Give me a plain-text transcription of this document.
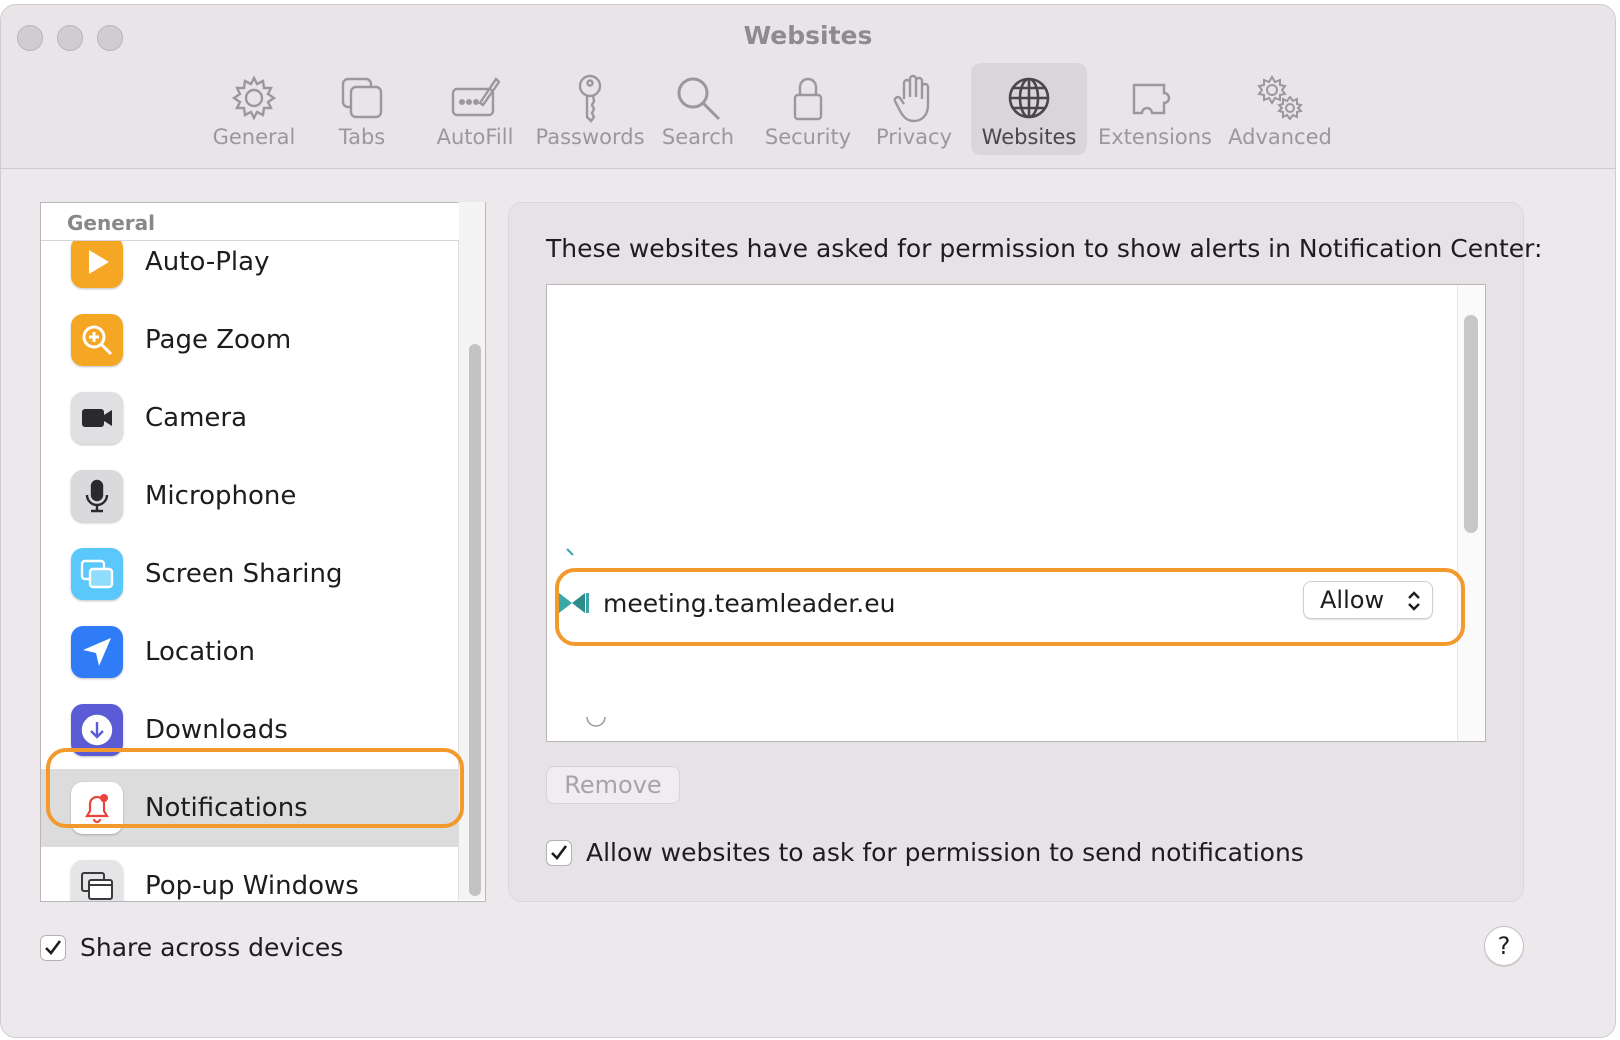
Websites
General Tabs AutoFill Passwords Search Security Privacy Websites Extensions Advanced
General
Auto-Play
Page Zoom
Camera
Microphone
Screen Sharing
Location
Downloads
Notifications
Pop-up Windows
These websites have asked for permission to show alerts in Notification Center:
meeting.teamleader.eu	Allow
Remove
Allow websites to ask for permission to send notifications
Share across devices	?
